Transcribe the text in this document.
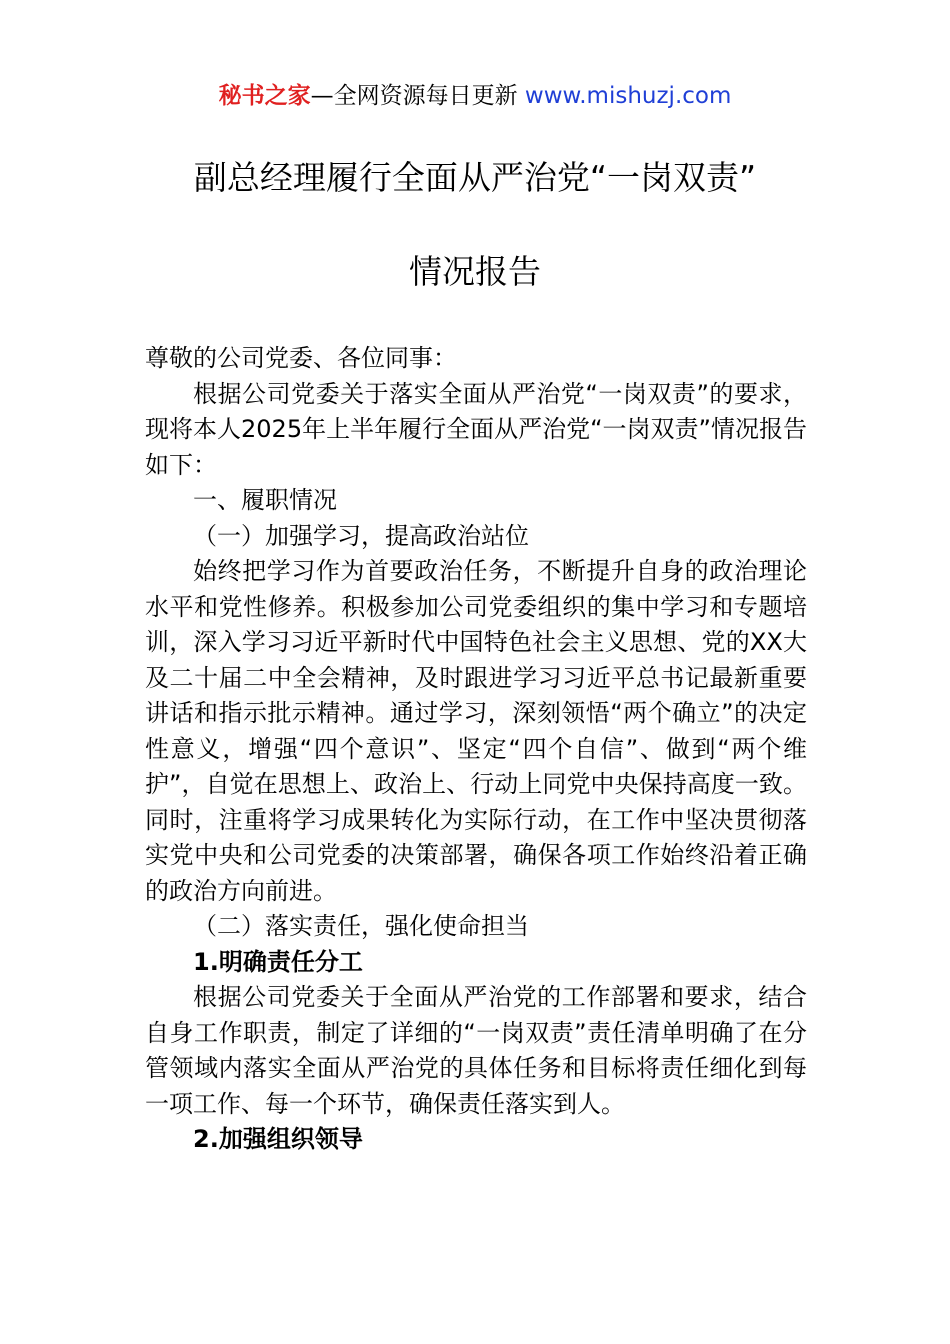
秘书之家—全网资源每日更新 www.mishuzj.com
副总经理履行全面从严治党“一岗双责”
情况报告

尊敬的公司党委、各位同事：

根据公司党委关于落实全面从严治党“一岗双责”的要求，现将本人2025年上半年履行全面从严治党“一岗双责”情况报告如下：

一、履职情况

（一）加强学习，提高政治站位

始终把学习作为首要政治任务，不断提升自身的政治理论水平和党性修养。积极参加公司党委组织的集中学习和专题培训，深入学习习近平新时代中国特色社会主义思想、党的XX大及二十届二中全会精神，及时跟进学习习近平总书记最新重要讲话和指示批示精神。通过学习，深刻领悟“两个确立”的决定性意义，增强“四个意识”、坚定“四个自信”、做到“两个维护”，自觉在思想上、政治上、行动上同党中央保持高度一致。同时，注重将学习成果转化为实际行动，在工作中坚决贯彻落实党中央和公司党委的决策部署，确保各项工作始终沿着正确的政治方向前进。

（二）落实责任，强化使命担当

1.明确责任分工

根据公司党委关于全面从严治党的工作部署和要求，结合自身工作职责，制定了详细的“一岗双责”责任清单明确了在分管领域内落实全面从严治党的具体任务和目标将责任细化到每一项工作、每一个环节，确保责任落实到人。

2.加强组织领导
